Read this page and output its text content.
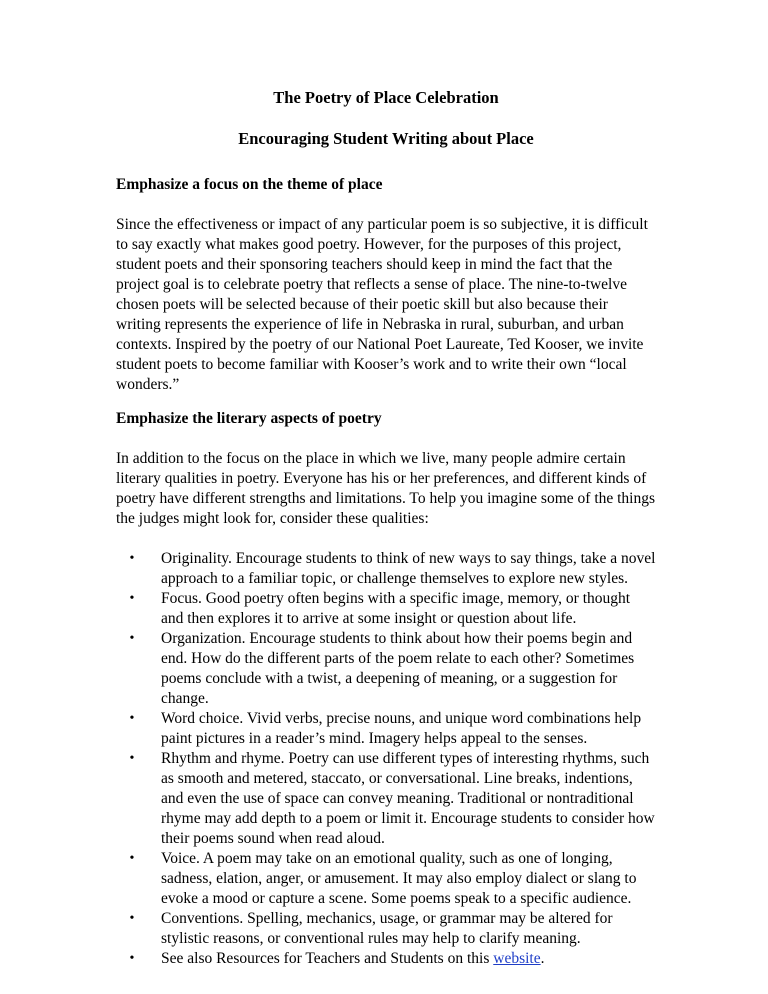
The Poetry of Place Celebration

Encouraging Student Writing about Place

Emphasize a focus on the theme of place

Since the effectiveness or impact of any particular poem is so subjective, it is difficult to say exactly what makes good poetry. However, for the purposes of this project, student poets and their sponsoring teachers should keep in mind the fact that the project goal is to celebrate poetry that reflects a sense of place. The nine-to-twelve chosen poets will be selected because of their poetic skill but also because their writing represents the experience of life in Nebraska in rural, suburban, and urban contexts. Inspired by the poetry of our National Poet Laureate, Ted Kooser, we invite student poets to become familiar with Kooser’s work and to write their own “local wonders.”

Emphasize the literary aspects of poetry

In addition to the focus on the place in which we live, many people admire certain literary qualities in poetry. Everyone has his or her preferences, and different kinds of poetry have different strengths and limitations. To help you imagine some of the things the judges might look for, consider these qualities:

•	Originality. Encourage students to think of new ways to say things, take a novel approach to a familiar topic, or challenge themselves to explore new styles.
•	Focus. Good poetry often begins with a specific image, memory, or thought and then explores it to arrive at some insight or question about life.
•	Organization. Encourage students to think about how their poems begin and end. How do the different parts of the poem relate to each other? Sometimes poems conclude with a twist, a deepening of meaning, or a suggestion for change.
•	Word choice. Vivid verbs, precise nouns, and unique word combinations help paint pictures in a reader’s mind. Imagery helps appeal to the senses.
•	Rhythm and rhyme. Poetry can use different types of interesting rhythms, such as smooth and metered, staccato, or conversational. Line breaks, indentions, and even the use of space can convey meaning. Traditional or nontraditional rhyme may add depth to a poem or limit it. Encourage students to consider how their poems sound when read aloud.
•	Voice. A poem may take on an emotional quality, such as one of longing, sadness, elation, anger, or amusement. It may also employ dialect or slang to evoke a mood or capture a scene. Some poems speak to a specific audience.
•	Conventions. Spelling, mechanics, usage, or grammar may be altered for stylistic reasons, or conventional rules may help to clarify meaning.
•	See also Resources for Teachers and Students on this website.
